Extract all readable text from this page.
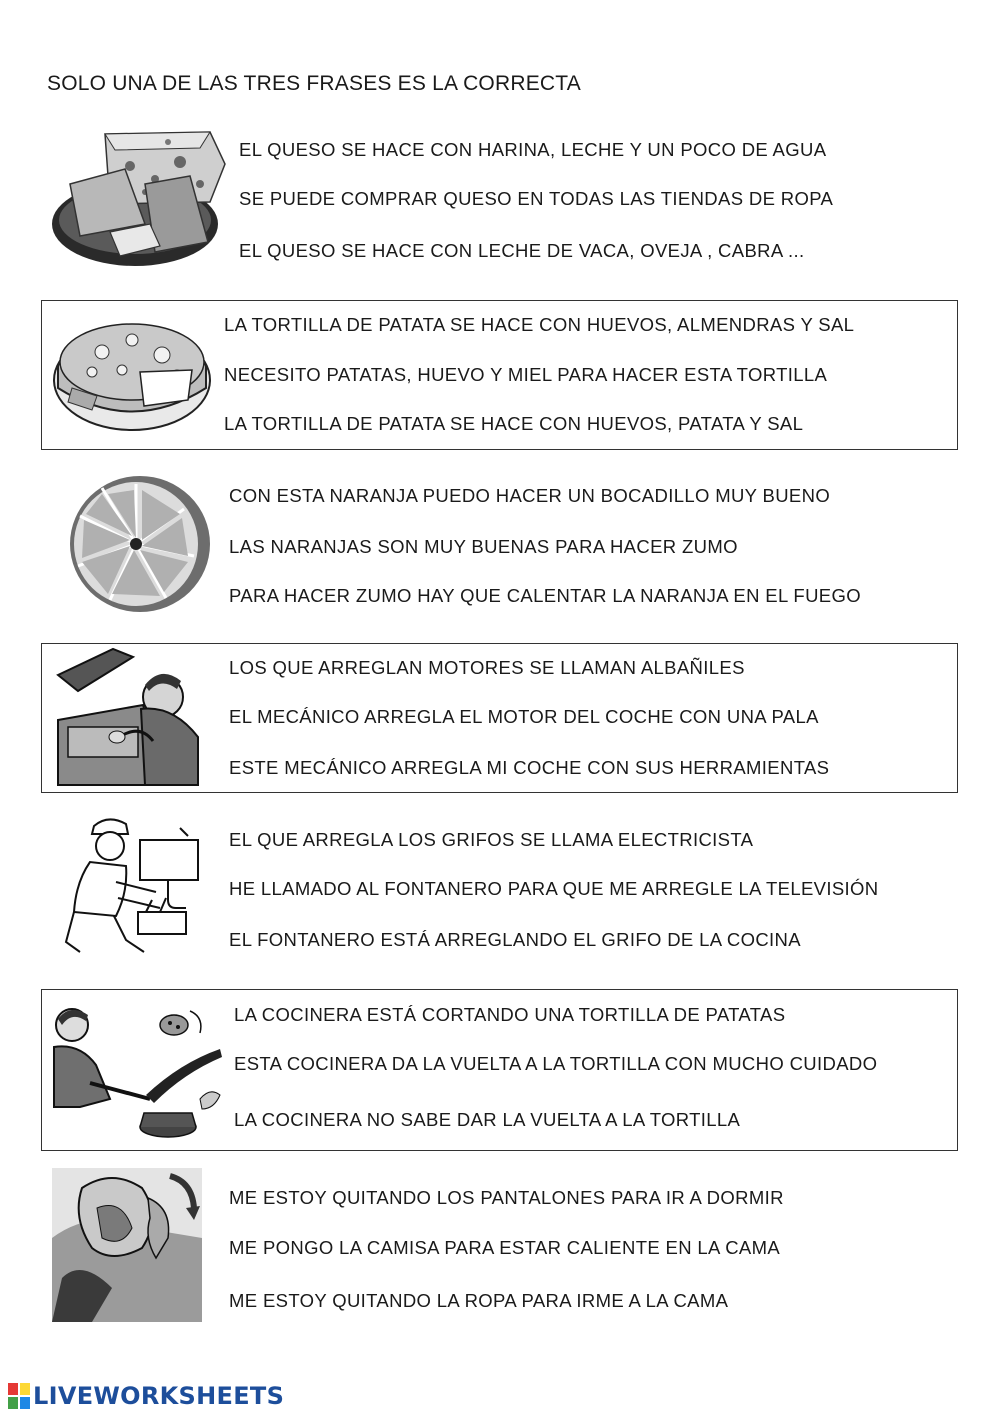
SOLO UNA DE LAS TRES FRASES ES LA CORRECTA
EL QUESO SE HACE CON HARINA, LECHE Y UN POCO DE AGUA
SE PUEDE COMPRAR QUESO EN TODAS LAS TIENDAS DE ROPA
EL QUESO SE HACE CON LECHE DE VACA, OVEJA , CABRA ...
LA TORTILLA DE PATATA SE HACE CON HUEVOS, ALMENDRAS Y SAL
NECESITO PATATAS, HUEVO Y MIEL PARA HACER ESTA TORTILLA
LA TORTILLA DE PATATA SE HACE CON HUEVOS, PATATA Y SAL
CON ESTA NARANJA PUEDO HACER UN BOCADILLO MUY BUENO
LAS NARANJAS SON MUY BUENAS PARA HACER ZUMO
PARA HACER ZUMO HAY QUE CALENTAR LA NARANJA EN EL FUEGO
LOS QUE ARREGLAN MOTORES SE LLAMAN ALBAÑILES
EL MECÁNICO ARREGLA EL MOTOR DEL COCHE CON UNA PALA
ESTE MECÁNICO ARREGLA MI COCHE CON SUS HERRAMIENTAS
EL QUE ARREGLA LOS GRIFOS SE LLAMA ELECTRICISTA
HE LLAMADO AL FONTANERO PARA QUE ME ARREGLE LA TELEVISIÓN
EL FONTANERO ESTÁ ARREGLANDO EL GRIFO DE LA COCINA
LA COCINERA ESTÁ CORTANDO UNA TORTILLA DE PATATAS
ESTA COCINERA DA LA VUELTA A LA TORTILLA CON MUCHO CUIDADO
LA COCINERA NO SABE DAR LA VUELTA A LA TORTILLA
ME ESTOY QUITANDO LOS PANTALONES PARA IR A DORMIR
ME PONGO LA CAMISA PARA ESTAR CALIENTE EN LA CAMA
ME ESTOY QUITANDO LA ROPA PARA IRME A LA CAMA
LIVEWORKSHEETS
